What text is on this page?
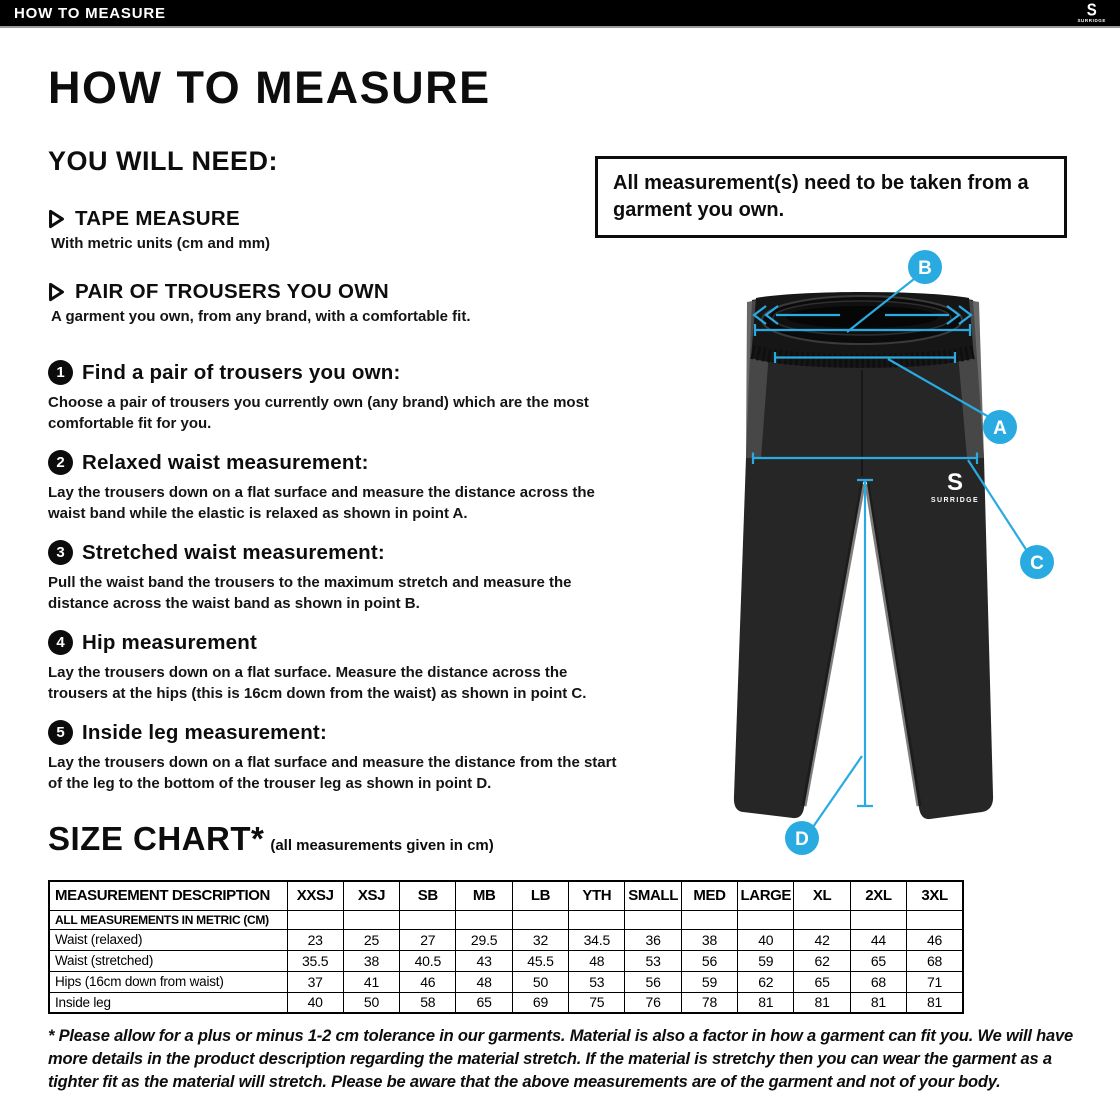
HOW TO MEASURE	S
SURRIDGE
HOW TO MEASURE
YOU WILL NEED:
TAPE MEASURE

With metric units (cm and mm)

PAIR OF TROUSERS YOU OWN

A garment you own, from any brand, with a comfortable fit.

1 Find a pair of trousers you own:

Choose a pair of trousers you currently own (any brand) which are the most comfortable fit for you.

2 Relaxed waist measurement:

Lay the trousers down on a flat surface and measure the distance across the waist band while the elastic is relaxed as shown in point A.

3 Stretched waist measurement:

Pull the waist band the trousers to the maximum stretch and measure the distance across the waist band as shown in point B.

4 Hip measurement

Lay the trousers down on a flat surface. Measure the distance across the trousers at the hips (this is 16cm down from the waist) as shown in point C.

5 Inside leg measurement:

Lay the trousers down on a flat surface and measure the distance from the start of the leg to the bottom of the trouser leg as shown in point D.

All measurement(s) need to be taken from a garment you own.

S
SURRIDGE
B
A
C
D
SIZE CHART* (all measurements given in cm)
MEASUREMENT DESCRIPTION	XXSJ	XSJ	SB	MB	LB	YTH	SMALL	MED	LARGE	XL	2XL	3XL
ALL MEASUREMENTS IN METRIC (CM)												
Waist (relaxed)	23	25	27	29.5	32	34.5	36	38	40	42	44	46
Waist (stretched)	35.5	38	40.5	43	45.5	48	53	56	59	62	65	68
Hips (16cm down from waist)	37	41	46	48	50	53	56	59	62	65	68	71
Inside leg	40	50	58	65	69	75	76	78	81	81	81	81

* Please allow for a plus or minus 1-2 cm tolerance in our garments. Material is also a factor in how a garment can fit you. We will have more details in the product description regarding the material stretch. If the material is stretchy then you can wear the garment as a tighter fit as the material will stretch. Please be aware that the above measurements are of the garment and not of your body.
